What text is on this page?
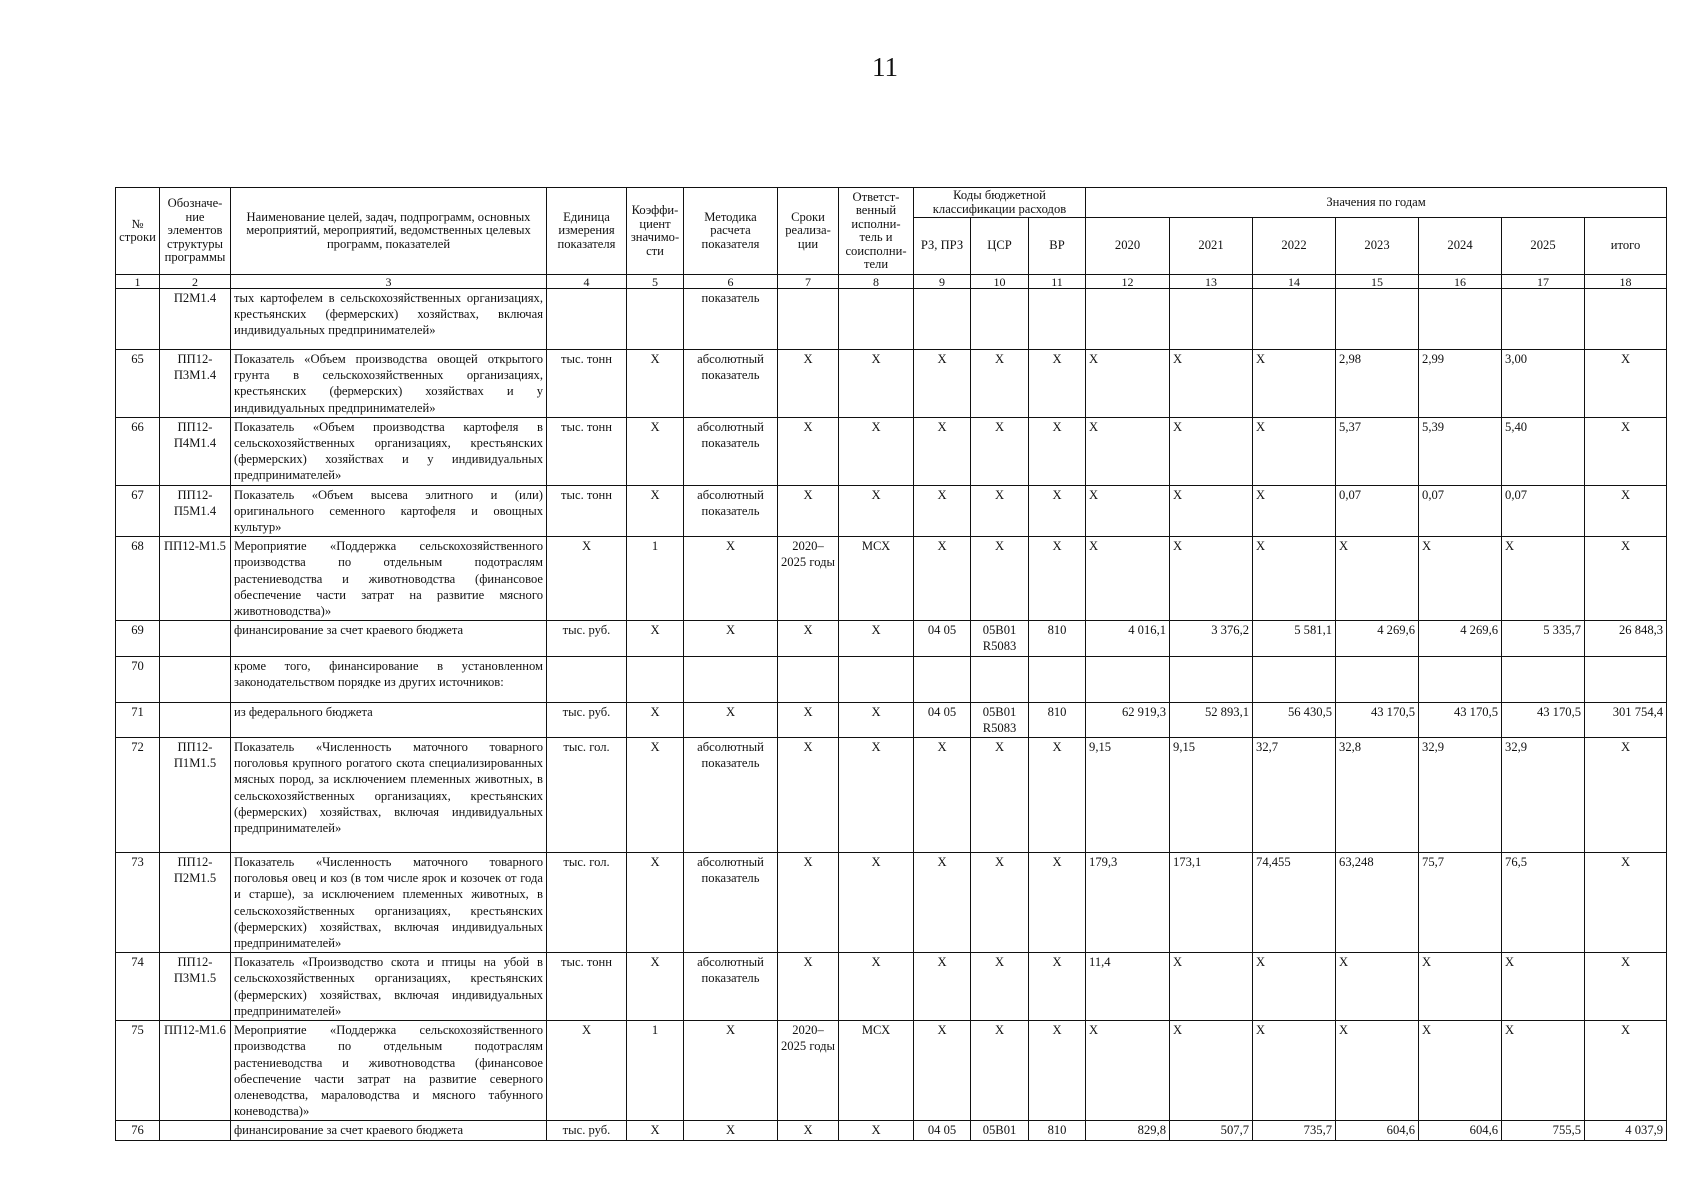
11
№ строки	Обозначе-ние элементов структуры программы	Наименование целей, задач, подпрограмм, основных мероприятий, мероприятий, ведомственных целевых программ, показателей	Единица измерения показателя	Коэффи-циент значимо-сти	Методика расчета показателя	Сроки реализа-ции	Ответст-венный исполни-тель и соисполни-тели	Коды бюджетной классификации расходов			Значения по годам						
								РЗ, ПРЗ	ЦСР	ВР	2020	2021	2022	2023	2024	2025	итого
1	2	3	4	5	6	7	8	9	10	11	12	13	14	15	16	17	18
	П2М1.4	тых картофелем в сельскохозяйственных организациях, крестьянских (фермерских) хозяйствах, включая индивидуальных предпринимателей»			показатель												
65	ПП12-П3М1.4	Показатель «Объем производства овощей открытого грунта в сельскохозяйственных организациях, крестьянских (фермерских) хозяйствах и у индивидуальных предпринимателей»	тыс. тонн	X	абсолютный показатель	X	X	X	X	X	X	X	X	2,98	2,99	3,00	X
66	ПП12-П4М1.4	Показатель «Объем производства картофеля в сельскохозяйственных организациях, крестьянских (фермерских) хозяйствах и у индивидуальных предпринимателей»	тыс. тонн	X	абсолютный показатель	X	X	X	X	X	X	X	X	5,37	5,39	5,40	X
67	ПП12-П5М1.4	Показатель «Объем высева элитного и (или) оригинального семенного картофеля и овощных культур»	тыс. тонн	X	абсолютный показатель	X	X	X	X	X	X	X	X	0,07	0,07	0,07	X
68	ПП12-М1.5	Мероприятие «Поддержка сельскохозяйственного производства по отдельным подотраслям растениеводства и животноводства (финансовое обеспечение части затрат на развитие мясного животноводства)»	X	1	X	2020–2025 годы	МСХ	X	X	X	X	X	X	X	X	X	X
69		финансирование за счет краевого бюджета	тыс. руб.	X	X	X	X	04 05	05В01 R5083	810	4 016,1	3 376,2	5 581,1	4 269,6	4 269,6	5 335,7	26 848,3
70		кроме того, финансирование в установленном законодательством порядке из других источников:															
71		из федерального бюджета	тыс. руб.	X	X	X	X	04 05	05В01 R5083	810	62 919,3	52 893,1	56 430,5	43 170,5	43 170,5	43 170,5	301 754,4
72	ПП12-П1М1.5	Показатель «Численность маточного товарного поголовья крупного рогатого скота специализированных мясных пород, за исключением племенных животных, в сельскохозяйственных организациях, крестьянских (фермерских) хозяйствах, включая индивидуальных предпринимателей»	тыс. гол.	X	абсолютный показатель	X	X	X	X	X	9,15	9,15	32,7	32,8	32,9	32,9	X
73	ПП12-П2М1.5	Показатель «Численность маточного товарного поголовья овец и коз (в том числе ярок и козочек от года и старше), за исключением племенных животных, в сельскохозяйственных организациях, крестьянских (фермерских) хозяйствах, включая индивидуальных предпринимателей»	тыс. гол.	X	абсолютный показатель	X	X	X	X	X	179,3	173,1	74,455	63,248	75,7	76,5	X
74	ПП12-П3М1.5	Показатель «Производство скота и птицы на убой в сельскохозяйственных организациях, крестьянских (фермерских) хозяйствах, включая индивидуальных предпринимателей»	тыс. тонн	X	абсолютный показатель	X	X	X	X	X	11,4	X	X	X	X	X	X
75	ПП12-М1.6	Мероприятие «Поддержка сельскохозяйственного производства по отдельным подотраслям растениеводства и животноводства (финансовое обеспечение части затрат на развитие северного оленеводства, мараловодства и мясного табунного коневодства)»	X	1	X	2020–2025 годы	МСХ	X	X	X	X	X	X	X	X	X	X
76		финансирование за счет краевого бюджета	тыс. руб.	X	X	X	X	04 05	05В01	810	829,8	507,7	735,7	604,6	604,6	755,5	4 037,9
